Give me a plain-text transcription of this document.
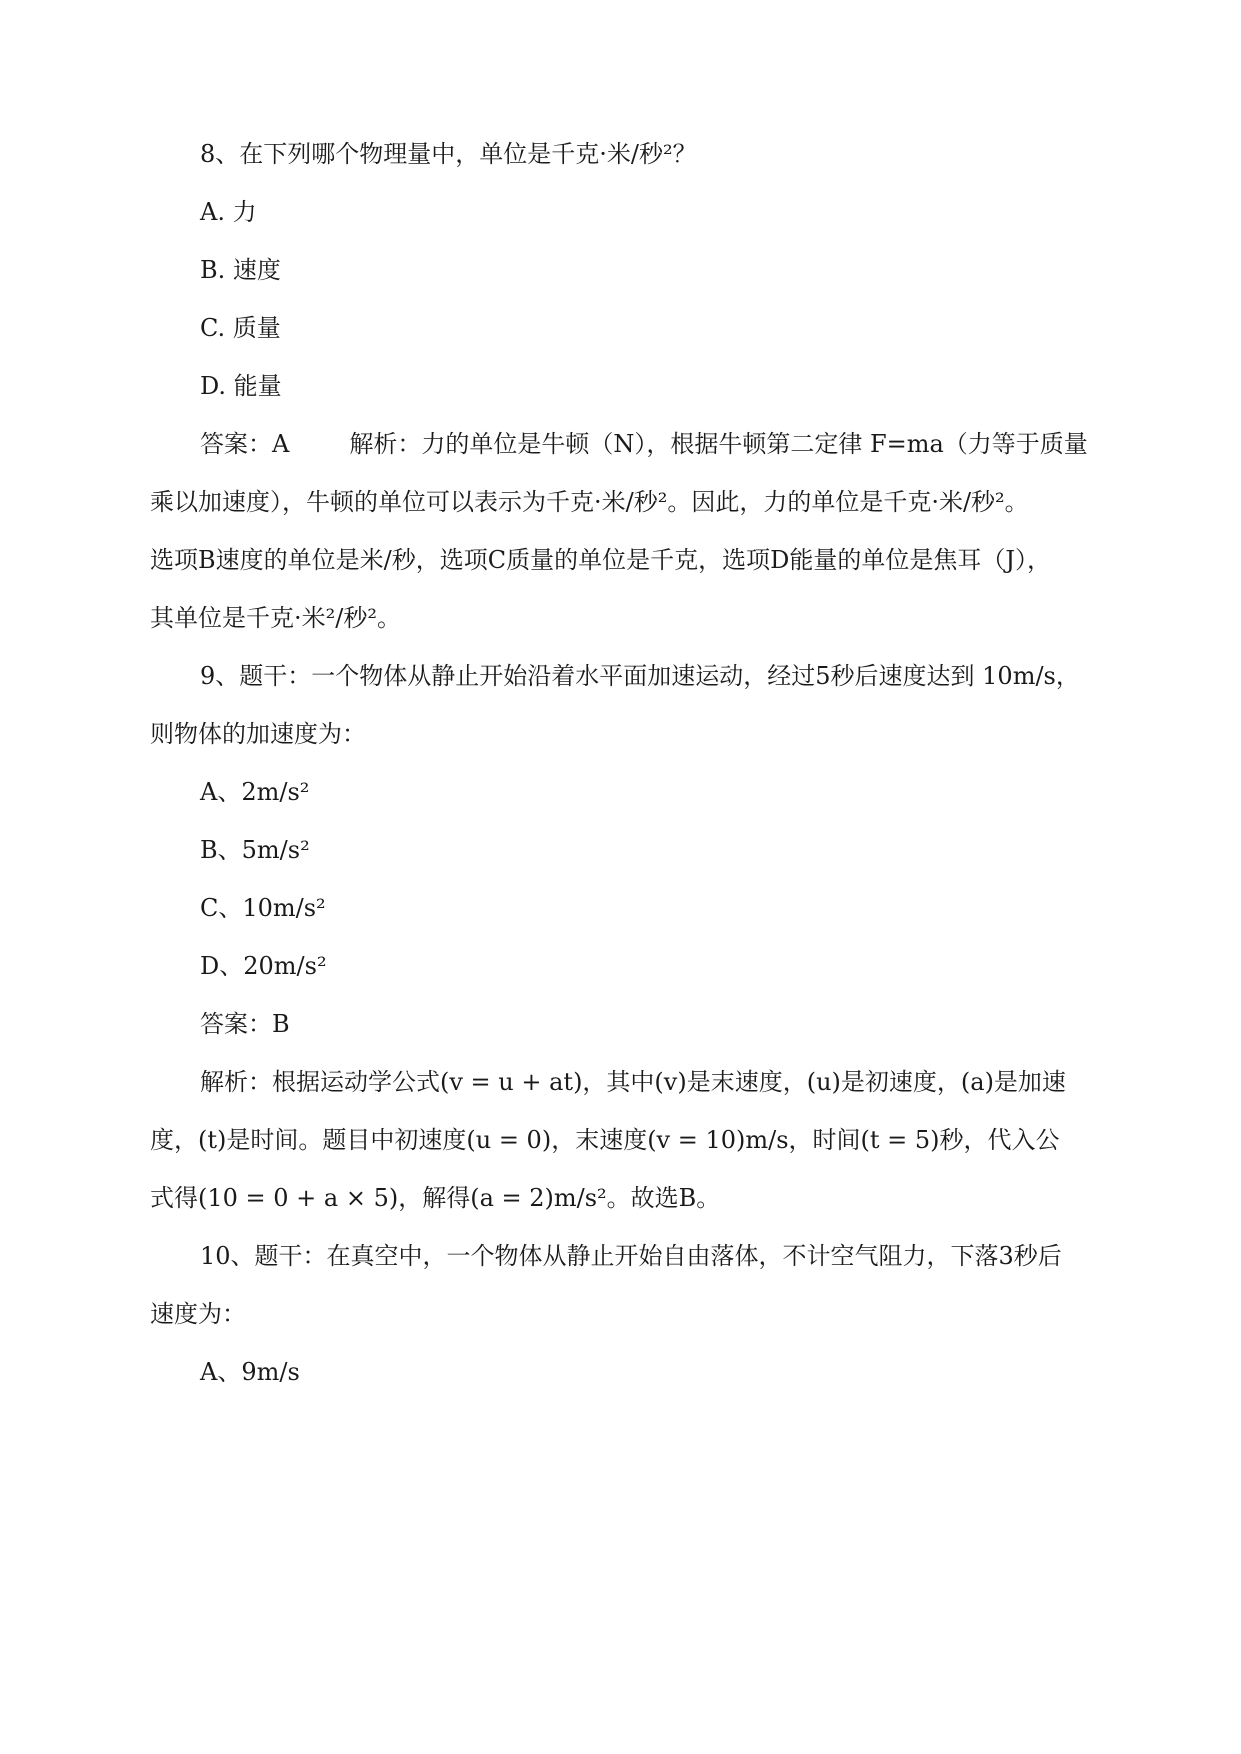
8、在下列哪个物理量中，单位是千克·米/秒²？
A. 力
B. 速度
C. 质量
D. 能量
答案：A	解析：力的单位是牛顿（N），根据牛顿第二定律 F=ma（力等于质量
乘以加速度），牛顿的单位可以表示为千克·米/秒²。因此，力的单位是千克·米/秒²。
选项B速度的单位是米/秒，选项C质量的单位是千克，选项D能量的单位是焦耳（J），
其单位是千克·米²/秒²。
9、题干：一个物体从静止开始沿着水平面加速运动，经过5秒后速度达到 10m/s，
则物体的加速度为：
A、2m/s²
B、5m/s²
C、10m/s²
D、20m/s²
答案：B
解析：根据运动学公式(v = u + at)，其中(v)是末速度，(u)是初速度，(a)是加速
度，(t)是时间。题目中初速度(u = 0)，末速度(v = 10)m/s，时间(t = 5)秒，代入公
式得(10 = 0 + a × 5)，解得(a = 2)m/s²。故选B。
10、题干：在真空中，一个物体从静止开始自由落体，不计空气阻力，下落3秒后
速度为：
A、9m/s
